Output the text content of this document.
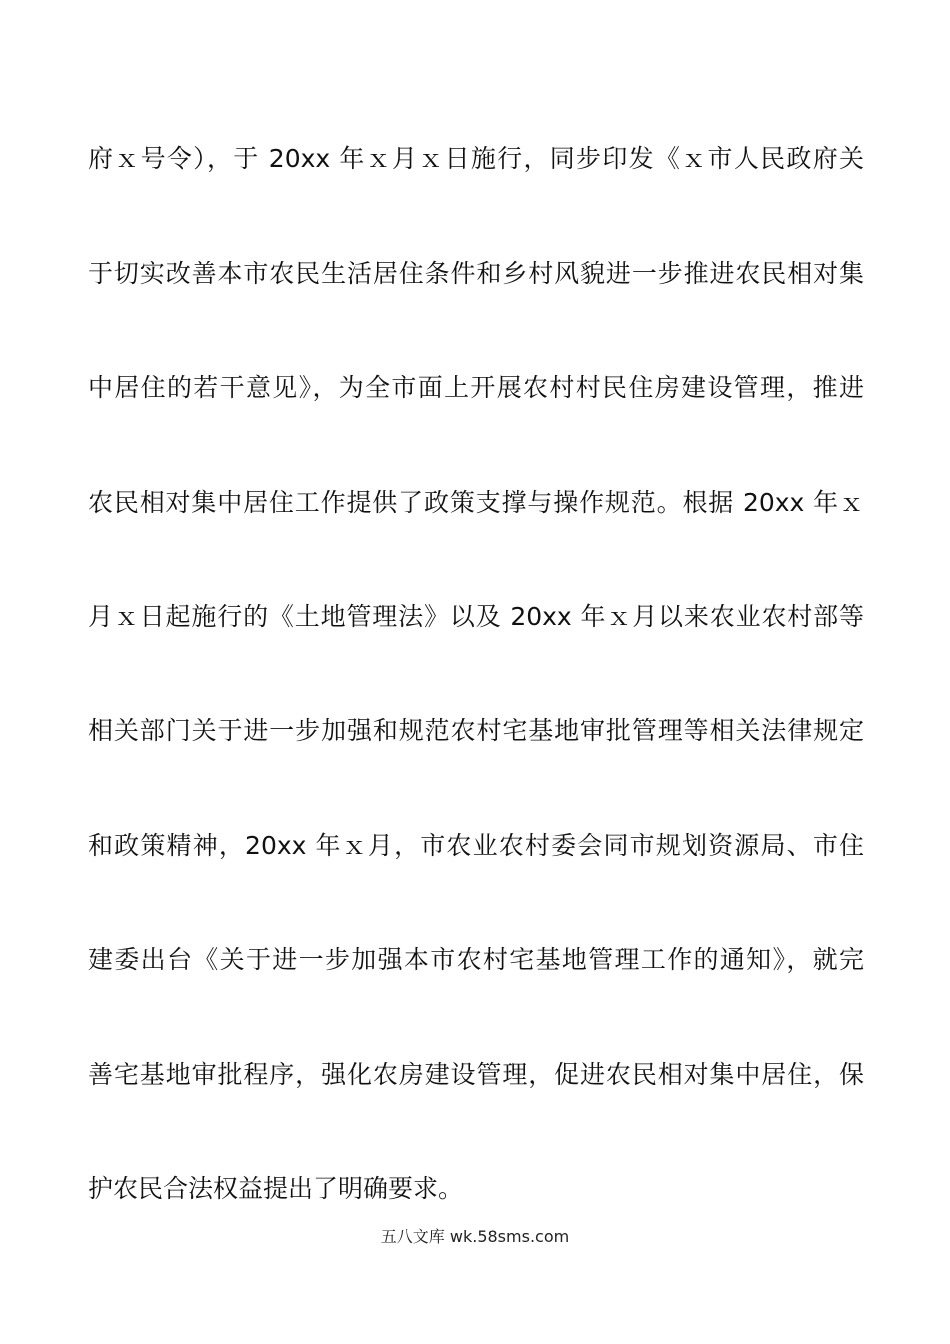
府ｘ号令），于 20xx 年ｘ月ｘ日施行，同步印发《ｘ市人民政府关
于切实改善本市农民生活居住条件和乡村风貌进一步推进农民相对集
中居住的若干意见》，为全市面上开展农村村民住房建设管理，推进
农民相对集中居住工作提供了政策支撑与操作规范。根据 20xx 年ｘ
月ｘ日起施行的《土地管理法》以及 20xx 年ｘ月以来农业农村部等
相关部门关于进一步加强和规范农村宅基地审批管理等相关法律规定
和政策精神，20xx 年ｘ月，市农业农村委会同市规划资源局、市住
建委出台《关于进一步加强本市农村宅基地管理工作的通知》，就完
善宅基地审批程序，强化农房建设管理，促进农民相对集中居住，保
护农民合法权益提出了明确要求。
五八文库 wk.58sms.com
